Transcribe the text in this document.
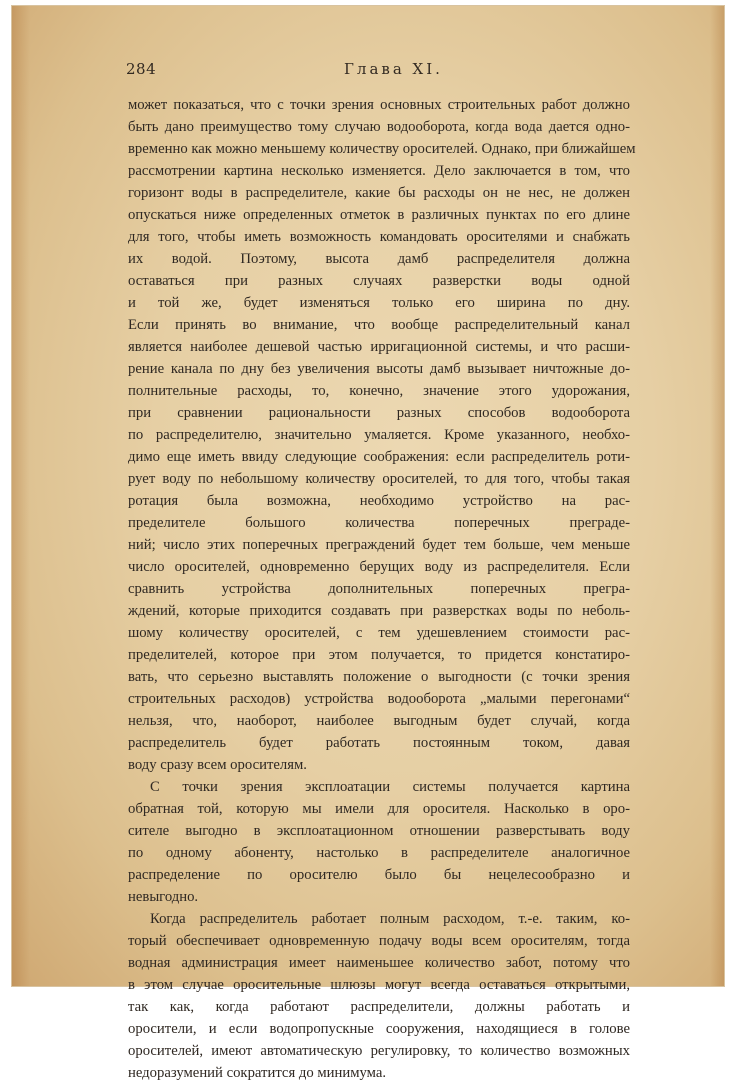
284	Глава XI.

может показаться, что с точки зрения основных строительных работ должно
быть дано преимущество тому случаю водооборота, когда вода дается одно-
временно как можно меньшему количеству оросителей. Однако, при ближайшем
рассмотрении картина несколько изменяется. Дело заключается в том, что
горизонт воды в распределителе, какие бы расходы он не нес, не должен
опускаться ниже определенных отметок в различных пунктах по его длине
для того, чтобы иметь возможность командовать оросителями и снабжать
их водой. Поэтому, высота дамб распределителя должна
оставаться при разных случаях разверстки воды одной
и той же, будет изменяться только его ширина по дну.
Если принять во внимание, что вообще распределительный канал
является наиболее дешевой частью ирригационной системы, и что расши-
рение канала по дну без увеличения высоты дамб вызывает ничтожные до-
полнительные расходы, то, конечно, значение этого удорожания,
при сравнении рациональности разных способов водооборота
по распределителю, значительно умаляется. Кроме указанного, необхо-
димо еще иметь ввиду следующие соображения: если распределитель роти-
рует воду по небольшому количеству оросителей, то для того, чтобы такая
ротация была возможна, необходимо устройство на рас-
пределителе большого количества поперечных преграде-
ний; число этих поперечных преграждений будет тем больше, чем меньше
число оросителей, одновременно берущих воду из распределителя. Если
сравнить устройства дополнительных поперечных прегра-
ждений, которые приходится создавать при разверстках воды по неболь-
шому количеству оросителей, с тем удешевлением стоимости рас-
пределителей, которое при этом получается, то придется констатиро-
вать, что серьезно выставлять положение о выгодности (с точки зрения
строительных расходов) устройства водооборота „малыми перегонами“
нельзя, что, наоборот, наиболее выгодным будет случай, когда
распределитель будет работать постоянным током, давая
воду сразу всем оросителям.

С точки зрения эксплоатации системы получается картина
обратная той, которую мы имели для оросителя. Насколько в оро-
сителе выгодно в эксплоатационном отношении разверстывать воду
по одному абоненту, настолько в распределителе аналогичное
распределение по оросителю было бы нецелесообразно и
невыгодно.

Когда распределитель работает полным расходом, т.-е. таким, ко-
торый обеспечивает одновременную подачу воды всем оросителям, тогда
водная администрация имеет наименьшее количество забот, потому что
в этом случае оросительные шлюзы могут всегда оставаться открытыми,
так как, когда работают распределители, должны работать и
оросители, и если водопропускные сооружения, находящиеся в голове
оросителей, имеют автоматическую регулировку, то количество возможных
недоразумений сократится до минимума.
